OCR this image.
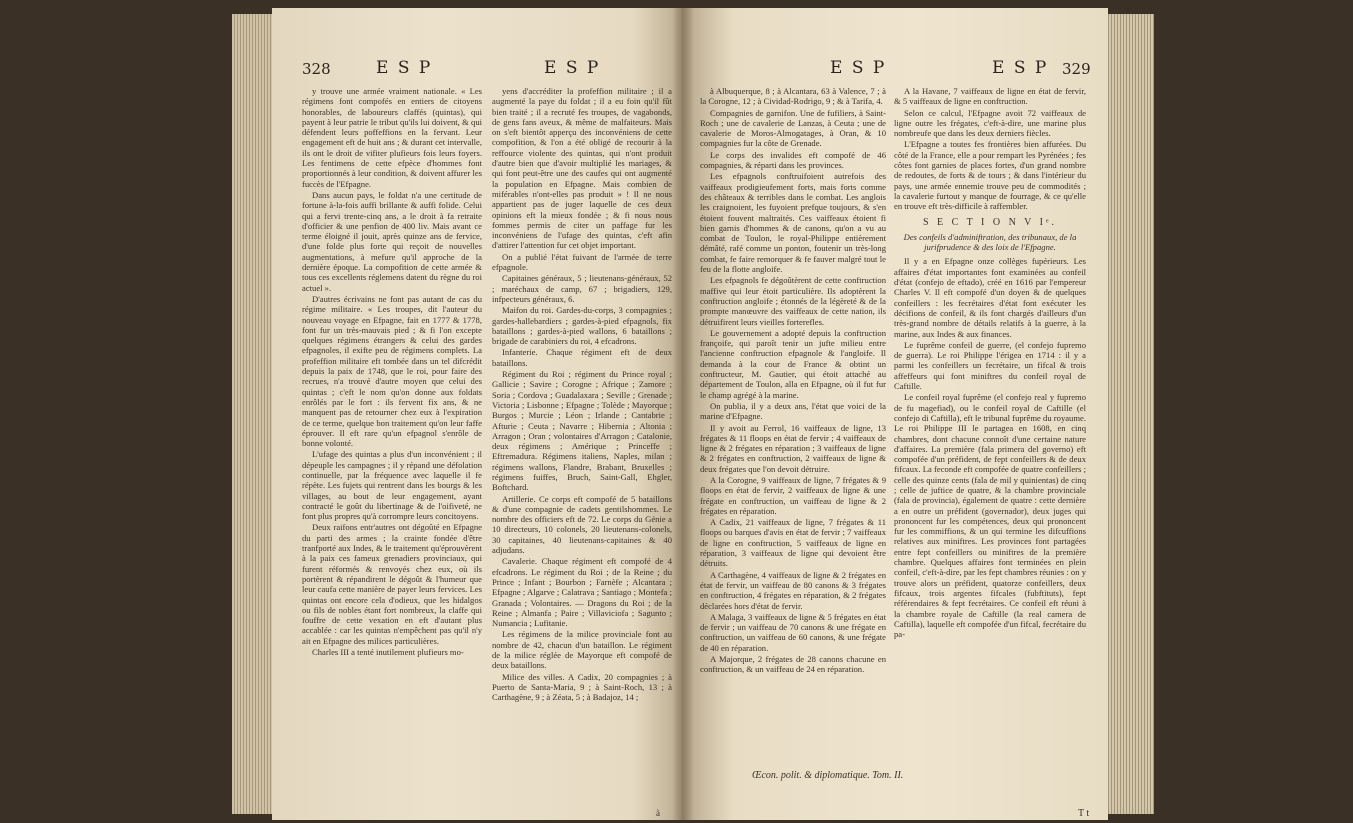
328	E S P	E S P

y trouve une armée vraiment nationale. « Les régimens font compofés en entiers de citoyens honorables, de laboureurs claffés (quintas), qui payent à leur patrie le tribut qu'ils lui doivent, & qui défendent leurs poffeffions en la fervant. Leur engagement eft de huit ans ; & durant cet intervalle, ils ont le droit de vifiter plufieurs fois leurs foyers. Les fentimens de cette efpèce d'hommes font proportionnés à leur condition, & doivent affurer les fuccès de l'Efpagne.

Dans aucun pays, le foldat n'a une certitude de fortune à-la-fois auffi brillante & auffi folide. Celui qui a fervi trente-cinq ans, a le droit à fa retraite d'officier & une penfion de 400 liv. Mais avant ce terme éloigné il jouit, après quinze ans de fervice, d'une folde plus forte qui reçoit de nouvelles augmentations, à mefure qu'il approche de la dernière époque. La compofition de cette armée & tous ces excellents réglemens datent du règne du roi actuel ».

D'autres écrivains ne font pas autant de cas du régime militaire. « Les troupes, dit l'auteur du nouveau voyage en Efpagne, fait en 1777 & 1778, font fur un très-mauvais pied ; & fi l'on excepte quelques régimens étrangers & celui des gardes efpagnoles, il exifte peu de régimens complets. La profeffion militaire eft tombée dans un tel difcrédit depuis la paix de 1748, que le roi, pour faire des recrues, n'a trouvé d'autre moyen que celui des quintas ; c'eft le nom qu'on donne aux foldats enrôlés par le fort : ils fervent fix ans, & ne manquent pas de retourner chez eux à l'expiration de ce terme, quelque bon traitement qu'on leur faffe éprouver. Il eft rare qu'un efpagnol s'enrôle de bonne volonté.

L'ufage des quintas a plus d'un inconvénient ; il dépeuple les campagnes ; il y répand une défolation continuelle, par la fréquence avec laquelle il fe répète. Les fujets qui rentrent dans les bourgs & les villages, au bout de leur engagement, ayant contracté le goût du libertinage & de l'oifiveté, ne font plus propres qu'à corrompre leurs concitoyens.

Deux raifons entr'autres ont dégoûté en Efpagne du parti des armes ; la crainte fondée d'être tranfporté aux Indes, & le traitement qu'éprouvèrent à la paix ces fameux grenadiers provinciaux, qui furent réformés & renvoyés chez eux, où ils portèrent & répandirent le dégoût & l'humeur que leur caufa cette manière de payer leurs fervices. Les quintas ont encore cela d'odieux, que les hidalgos ou fils de nobles étant fort nombreux, la claffe qui fouffre de cette vexation en eft d'autant plus accablée : car les quintas n'empêchent pas qu'il n'y ait en Efpagne des milices particulières.

Charles III a tenté inutilement plufieurs mo-

yens d'accréditer la profeffion militaire ; il a augmenté la paye du foldat ; il a eu foin qu'il fût bien traité ; il a recruté fes troupes, de vagabonds, de gens fans aveux, & même de malfaiteurs. Mais on s'eft bientôt apperçu des inconvéniens de cette compofition, & l'on a été obligé de recourir à la reffource violente des quintas, qui n'ont produit d'autre bien que d'avoir multiplié les mariages, & qui font peut-être une des caufes qui ont augmenté la population en Efpagne. Mais combien de miférables n'ont-elles pas produit » ! Il ne nous appartient pas de juger laquelle de ces deux opinions eft la mieux fondée ; & fi nous nous fommes permis de citer un paffage fur les inconvéniens de l'ufage des quintas, c'eft afin d'attirer l'attention fur cet objet important.

On a publié l'état fuivant de l'armée de terre efpagnole.

Capitaines généraux, 5 ; lieutenans-généraux, 52 ; maréchaux de camp, 67 ; brigadiers, 129, infpecteurs généraux, 6.

Maifon du roi. Gardes-du-corps, 3 compagnies ; gardes-hallebardiers ; gardes-à-pied efpagnols, fix bataillons ; gardes-à-pied wallons, 6 bataillons ; brigade de carabiniers du roi, 4 efcadrons.

Infanterie. Chaque régiment eft de deux bataillons.

Régiment du Roi ; régiment du Prince royal ; Gallicie ; Savire ; Corogne ; Afrique ; Zamore ; Soria ; Cordova ; Guadalaxara ; Seville ; Grenade ; Victoria ; Lisbonne ; Efpagne ; Tolède ; Mayorque ; Burgos ; Murcie ; Léon ; Irlande ; Cantabrie ; Afturie ; Ceuta ; Navarre ; Hibernia ; Altonia ; Arragon ; Oran ; volontaires d'Arragon ; Catalonie, deux régimens ; Amérique ; Princeffe ; Eftremadura. Régimens italiens, Naples, milan ; régimens wallons, Flandre, Brabant, Bruxelles ; régimens fuiffes, Bruch, Saint-Gall, Ehgler, Boftchard.

Artillerie. Ce corps eft compofé de 5 bataillons & d'une compagnie de cadets gentilshommes. Le nombre des officiers eft de 72. Le corps du Génie a 10 directeurs, 10 colonels, 20 lieutenans-colonels, 30 capitaines, 40 lieutenans-capitaines & 40 adjudans.

Cavalerie. Chaque régiment eft compofé de 4 efcadrons. Le régiment du Roi ; de la Reine ; du Prince ; Infant ; Bourbon ; Farnèfe ; Alcantara ; Efpagne ; Algarve ; Calatrava ; Santiago ; Montefa ; Granada ; Volontaires. — Dragons du Roi ; de la Reine ; Almanfa ; Paire ; Villaviciofa ; Sagunto ; Numancia ; Lufitanie.

Les régimens de la milice provinciale font au nombre de 42, chacun d'un bataillon. Le régiment de la milice réglée de Mayorque eft compofé de deux bataillons.

Milice des villes. A Cadix, 20 compagnies ; à Puerto de Santa-Maria, 9 ; à Saint-Roch, 13 ; à Carthagène, 9 ; à Zéata, 5 ; à Badajoz, 14 ;

à
E S P	E S P 329

à Albuquerque, 8 ; à Alcantara, 63 à Valence, 7 ; à la Corogne, 12 ; à Cividad-Rodrigo, 9 ; & à Tarifa, 4.

Compagnies de garnifon. Une de fufiliers, à Saint-Roch ; une de cavalerie de Lanzas, à Ceuta ; une de cavalerie de Moros-Almogatages, à Oran, & 10 compagnies fur la côte de Grenade.

Le corps des invalides eft compofé de 46 compagnies, & réparti dans les provinces.

Les efpagnols conftruifoient autrefois des vaiffeaux prodigieufement forts, mais forts comme des châteaux & terribles dans le combat. Les anglois les craignoient, les fuyoient prefque toujours, & s'en étoient fouvent maltraités. Ces vaiffeaux étoient fi bien garnis d'hommes & de canons, qu'on a vu au combat de Toulon, le royal-Philippe entièrement démâté, rafé comme un ponton, foutenir un très-long combat, fe faire remorquer & fe fauver malgré tout le feu de la flotte angloife.

Les efpagnols fe dégoûtèrent de cette conftruction maffive qui leur étoit particulière. Ils adoptèrent la conftruction angloife ; étonnés de la légèreté & de la prompte manœuvre des vaiffeaux de cette nation, ils détruifirent leurs vieilles forterefles.

Le gouvernement a adopté depuis la conftruction françoife, qui paroît tenir un jufte milieu entre l'ancienne conftruction efpagnole & l'angloife. Il demanda à la cour de France & obtint un conftructeur, M. Gautier, qui étoit attaché au département de Toulon, alla en Efpagne, où il fut fur le champ agrégé à la marine.

On publia, il y a deux ans, l'état que voici de la marine d'Efpagne.

Il y avoit au Ferrol, 16 vaiffeaux de ligne, 13 frégates & 11 floops en état de fervir ; 4 vaiffeaux de ligne & 2 frégates en réparation ; 3 vaiffeaux de ligne & 2 frégates en conftruction, 2 vaiffeaux de ligne & deux frégates que l'on devoit détruire.

A la Corogne, 9 vaiffeaux de ligne, 7 frégates & 9 floops en état de fervir, 2 vaiffeaux de ligne & une frégate en conftruction, un vaiffeau de ligne & 2 frégates en réparation.

A Cadix, 21 vaiffeaux de ligne, 7 frégates & 11 floops ou barques d'avis en état de fervir ; 7 vaiffeaux de ligne en conftruction, 5 vaiffeaux de ligne en réparation, 3 vaiffeaux de ligne qui devoient être détruits.

A Carthagène, 4 vaiffeaux de ligne & 2 frégates en état de fervir, un vaiffeau de 80 canons & 3 frégates en conftruction, 4 frégates en réparation, & 2 frégates déclarées hors d'état de fervir.

A Malaga, 3 vaiffeaux de ligne & 5 frégates en état de fervir ; un vaiffeau de 70 canons & une frégate en conftruction, un vaiffeau de 60 canons, & une frégate de 40 en réparation.

A Majorque, 2 frégates de 28 canons chacune en conftruction, & un vaiffeau de 24 en réparation.

A la Havane, 7 vaiffeaux de ligne en état de fervir, & 5 vaiffeaux de ligne en conftruction.

Selon ce calcul, l'Efpagne avoit 72 vaiffeaux de ligne outre les frégates, c'eft-à-dire, une marine plus nombreufe que dans les deux derniers fiècles.

L'Efpagne a toutes fes frontières bien affurées. Du côté de la France, elle a pour rempart les Pyrénées ; fes côtes font garnies de places fortes, d'un grand nombre de redoutes, de forts & de tours ; & dans l'intérieur du pays, une armée ennemie trouve peu de commodités ; la cavalerie furtout y manque de fourrage, & ce qu'elle en trouve eft très-difficile à raffembler.

S E C T I O N V Iᵉ.

Des confeils d'adminiftration, des tribunaux, de la jurifprudence & des loix de l'Efpagne.

Il y a en Efpagne onze collèges fupérieurs. Les affaires d'état importantes font examinées au confeil d'état (confejo de eftado), créé en 1616 par l'empereur Charles V. Il eft compofé d'un doyen & de quelques confeillers : les fecrétaires d'état font exécuter les décifions de confeil, & ils font chargés d'ailleurs d'un très-grand nombre de détails relatifs à la guerre, à la marine, aux Indes & aux finances.

Le fuprême confeil de guerre, (el confejo fupremo de guerra). Le roi Philippe l'érigea en 1714 : il y a parmi les confeillers un fecrétaire, un fifcal & trois affeffeurs qui font miniftres du confeil royal de Caftille.

Le confeil royal fuprême (el confejo real y fupremo de fu magefiad), ou le confeil royal de Caftille (el confejo di Caftilla), eft le tribunal fuprême du royaume. Le roi Philippe III le partagea en 1608, en cinq chambres, dont chacune connoît d'une certaine nature d'affaires. La première (fala primera del governo) eft compofée d'un préfident, de fept confeillers & de deux fifcaux. La feconde eft compofée de quatre confeillers ; celle des quinze cents (fala de mil y quinientas) de cinq ; celle de juftice de quatre, & la chambre provinciale (fala de provincia), également de quatre : cette dernière a en outre un préfident (governador), deux juges qui prononcent fur les compétences, deux qui prononcent fur les commiffions, & un qui termine les difcuffions relatives aux miniftres. Les provinces font partagées entre fept confeillers ou miniftres de la première chambre. Quelques affaires font terminées en plein confeil, c'eft-à-dire, par les fept chambres réunies : on y trouve alors un préfident, quatorze confeillers, deux fifcaux, trois argentes fifcales (fubftituts), fept référendaires & fept fecrétaires. Ce confeil eft réuni à la chambre royale de Caftille (la real camera de Caftilla), laquelle eft compofée d'un fifcal, fecrétaire du pa-

Œcon. polit. & diplomatique. Tom. II.
T t
